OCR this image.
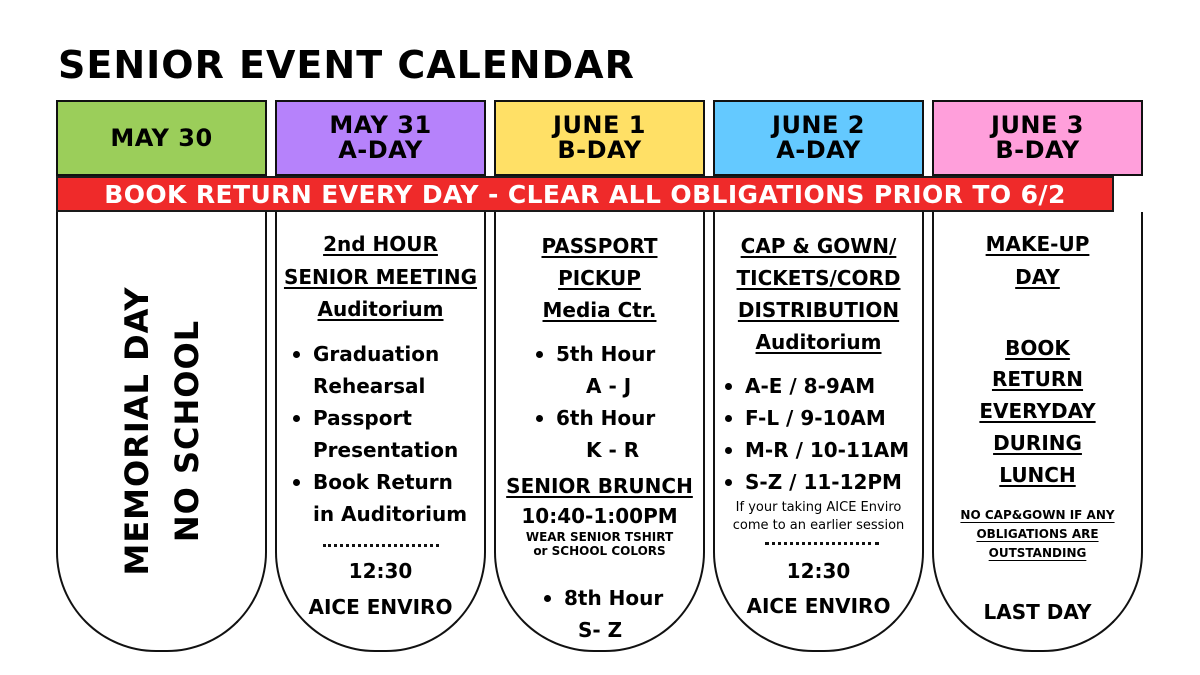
SENIOR EVENT CALENDAR
MAY 30	MAY 31
A-DAY
JUNE 1
B-DAY
JUNE 2
A-DAY
JUNE 3
B-DAY
MEMORIAL DAY NO SCHOOL
2nd HOUR
SENIOR MEETING
Auditorium
Graduation
Rehearsal
Passport
Presentation
Book Return
in Auditorium
12:30
AICE ENVIRO
PASSPORT
PICKUP
Media Ctr.
5th Hour
A - J
6th Hour
K - R
SENIOR BRUNCH
10:40-1:00PM
WEAR SENIOR TSHIRT
or SCHOOL COLORS
8th Hour
S- Z
CAP & GOWN/
TICKETS/CORD
DISTRIBUTION
Auditorium
A-E / 8-9AM
F-L / 9-10AM
M-R / 10-11AM
S-Z / 11-12PM
If your taking AICE Enviro
come to an earlier session
12:30
AICE ENVIRO
MAKE-UP
DAY
BOOK
RETURN
EVERYDAY
DURING
LUNCH
NO CAP&GOWN IF ANY
OBLIGATIONS ARE
OUTSTANDING
LAST DAY
BOOK RETURN EVERY DAY - CLEAR ALL OBLIGATIONS PRIOR TO 6/2
